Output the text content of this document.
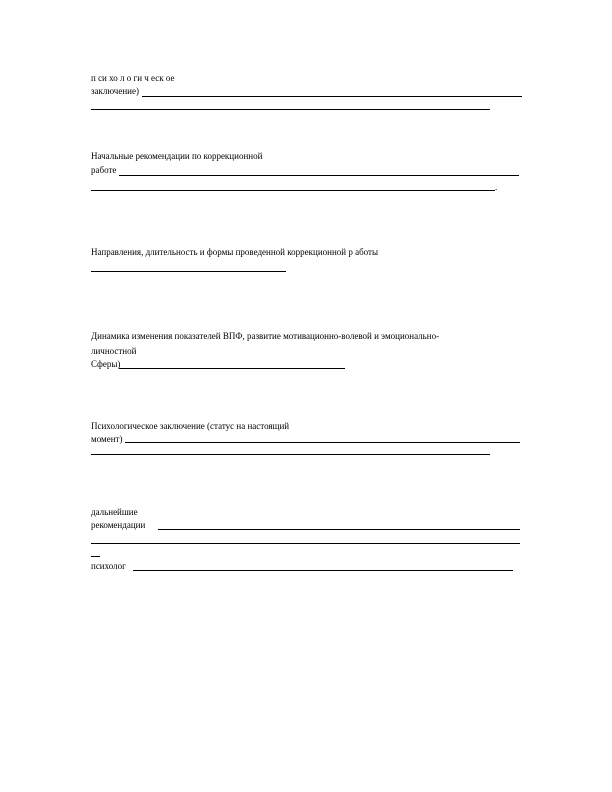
п си хо л о ги ч еск ое
заключение)
Начальные рекомендации по коррекционной
работе
.
Направления, длительность и формы проведенной коррекционной р аботы
Динамика изменения показателей ВПФ, развитие мотивационно-волевой и эмоционально-
личностной
Сферы)
Психологическое заключение (статус на настоящий
момент)
дальнейшие
рекомендации
психолог
